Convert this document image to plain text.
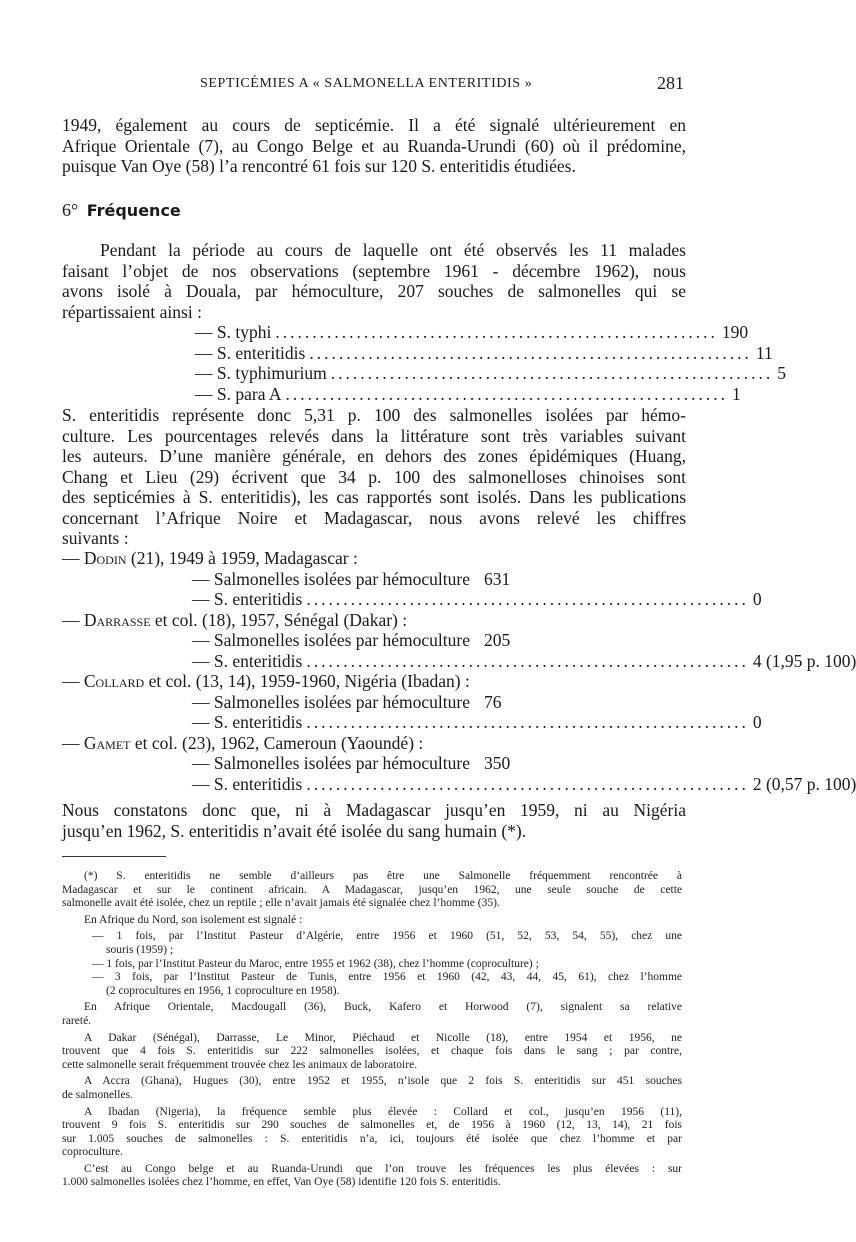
SEPTICÉMIES A « SALMONELLA ENTERITIDIS »	281
1949, également au cours de septicémie. Il a été signalé ultérieurement en
Afrique Orientale (7), au Congo Belge et au Ruanda-Urundi (60) où il prédomine,
puisque Van Oye (58) l’a rencontré 61 fois sur 120 S. enteritidis étudiées.
6° Fréquence
Pendant la période au cours de laquelle ont été observés les 11 malades
faisant l’objet de nos observations (septembre 1961 - décembre 1962), nous
avons isolé à Douala, par hémoculture, 207 souches de salmonelles qui se
répartissaient ainsi :
— S. typhi ............................................................ 190
— S. enteritidis ............................................................ 11
— S. typhimurium ............................................................ 5
— S. para A ............................................................ 1
S. enteritidis représente donc 5,31 p. 100 des salmonelles isolées par hémo-
culture. Les pourcentages relevés dans la littérature sont très variables suivant
les auteurs. D’une manière générale, en dehors des zones épidémiques (Huang,
Chang et Lieu (29) écrivent que 34 p. 100 des salmonelloses chinoises sont
des septicémies à S. enteritidis), les cas rapportés sont isolés. Dans les publications
concernant l’Afrique Noire et Madagascar, nous avons relevé les chiffres
suivants :
— Dodin (21), 1949 à 1959, Madagascar :
— Salmonelles isolées par hémoculture 631
— S. enteritidis ............................................................ 0
— Darrasse et col. (18), 1957, Sénégal (Dakar) :
— Salmonelles isolées par hémoculture 205
— S. enteritidis ............................................................ 4 (1,95 p. 100)
— Collard et col. (13, 14), 1959-1960, Nigéria (Ibadan) :
— Salmonelles isolées par hémoculture 76
— S. enteritidis ............................................................ 0
— Gamet et col. (23), 1962, Cameroun (Yaoundé) :
— Salmonelles isolées par hémoculture 350
— S. enteritidis ............................................................ 2 (0,57 p. 100)
Nous constatons donc que, ni à Madagascar jusqu’en 1959, ni au Nigéria
jusqu’en 1962, S. enteritidis n’avait été isolée du sang humain (*).
(*) S. enteritidis ne semble d’ailleurs pas être une Salmonelle fréquemment rencontrée à
Madagascar et sur le continent africain. A Madagascar, jusqu’en 1962, une seule souche de cette
salmonelle avait été isolée, chez un reptile ; elle n’avait jamais été signalée chez l’homme (35).
En Afrique du Nord, son isolement est signalé :
— 1 fois, par l’Institut Pasteur d’Algérie, entre 1956 et 1960 (51, 52, 53, 54, 55), chez une
souris (1959) ;
— 1 fois, par l’Institut Pasteur du Maroc, entre 1955 et 1962 (38), chez l’homme (coproculture) ;
— 3 fois, par l’Institut Pasteur de Tunis, entre 1956 et 1960 (42, 43, 44, 45, 61), chez l’homme
(2 coprocultures en 1956, 1 coproculture en 1958).
En Afrique Orientale, Macdougall (36), Buck, Kafero et Horwood (7), signalent sa relative
rareté.
A Dakar (Sénégal), Darrasse, Le Minor, Piéchaud et Nicolle (18), entre 1954 et 1956, ne
trouvent que 4 fois S. enteritidis sur 222 salmonelles isolées, et chaque fois dans le sang ; par contre,
cette salmonelle serait fréquemment trouvée chez les animaux de laboratoire.
A Accra (Ghana), Hugues (30), entre 1952 et 1955, n’isole que 2 fois S. enteritidis sur 451 souches
de salmonelles.
A Ibadan (Nigeria), la fréquence semble plus élevée : Collard et col., jusqu’en 1956 (11),
trouvent 9 fois S. enteritidis sur 290 souches de salmonelles et, de 1956 à 1960 (12, 13, 14), 21 fois
sur 1.005 souches de salmonelles : S. enteritidis n’a, ici, toujours été isolée que chez l’homme et par
coproculture.
C’est au Congo belge et au Ruanda-Urundi que l’on trouve les fréquences les plus élevées : sur
1.000 salmonelles isolées chez l’homme, en effet, Van Oye (58) identifie 120 fois S. enteritidis.
